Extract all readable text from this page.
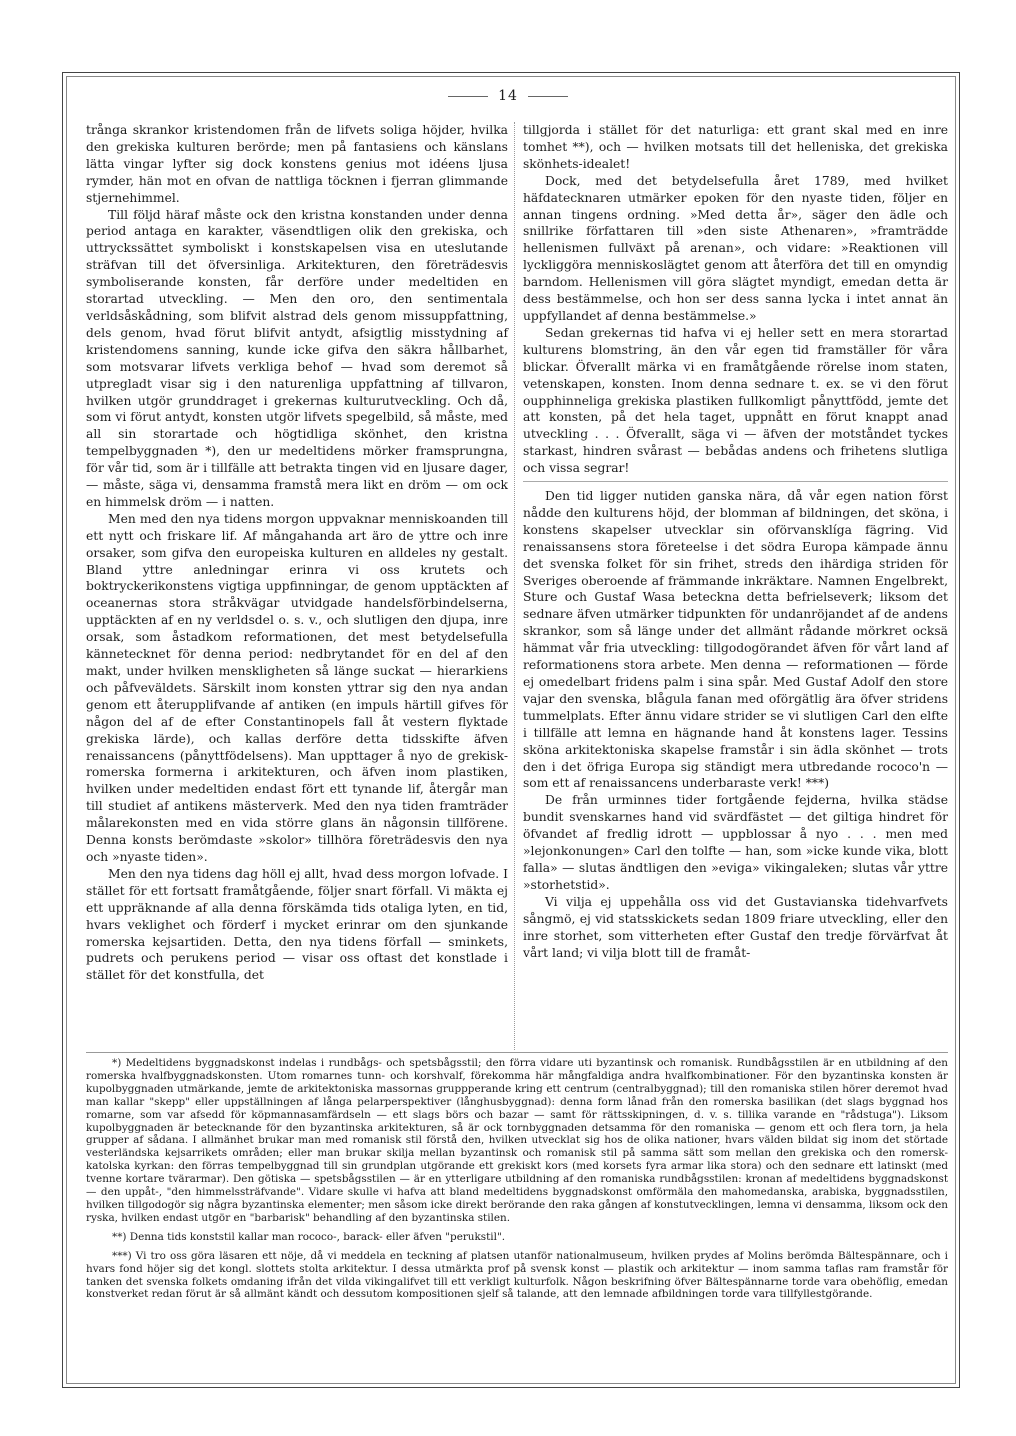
14

trånga skrankor kristendomen från de lifvets soliga höjder, hvilka den grekiska kulturen berörde; men på fantasiens och känslans lätta vingar lyfter sig dock konstens genius mot idéens ljusa rymder, hän mot en ofvan de nattliga töcknen i fjerran glimmande stjernehimmel.

Till följd häraf måste ock den kristna konstanden under denna period antaga en karakter, väsendtligen olik den grekiska, och uttryckssättet symboliskt i konstskapelsen visa en uteslutande sträfvan till det öfversinliga. Arkitekturen, den företrädesvis symboliserande konsten, får derföre under medeltiden en storartad utveckling. — Men den oro, den sentimentala verldsåskådning, som blifvit alstrad dels genom missuppfattning, dels genom, hvad förut blifvit antydt, afsigtlig misstydning af kristendomens sanning, kunde icke gifva den säkra hållbarhet, som motsvarar lifvets verkliga behof — hvad som deremot så utpregladt visar sig i den naturenliga uppfattning af tillvaron, hvilken utgör grunddraget i grekernas kulturutveckling. Och då, som vi förut antydt, konsten utgör lifvets spegelbild, så måste, med all sin storartade och högtidliga skönhet, den kristna tempelbyggnaden *), den ur medeltidens mörker framsprungna, för vår tid, som är i tillfälle att betrakta tingen vid en ljusare dager, — måste, säga vi, densamma framstå mera likt en dröm — om ock en himmelsk dröm — i natten.

Men med den nya tidens morgon uppvaknar menniskoanden till ett nytt och friskare lif. Af mångahanda art äro de yttre och inre orsaker, som gifva den europeiska kulturen en alldeles ny gestalt. Bland yttre anledningar erinra vi oss krutets och boktryckerikonstens vigtiga uppfinningar, de genom upptäckten af oceanernas stora stråkvägar utvidgade handelsförbindelserna, upptäckten af en ny verldsdel o. s. v., och slutligen den djupa, inre orsak, som åstadkom reformationen, det mest betydelsefulla kännetecknet för denna period: nedbrytandet för en del af den makt, under hvilken menskligheten så länge suckat — hierarkiens och påfveväldets. Särskilt inom konsten yttrar sig den nya andan genom ett återupplifvande af antiken (en impuls härtill gifves för någon del af de efter Constantinopels fall åt vestern flyktade grekiska lärde), och kallas derföre detta tidsskifte äfven renaissancens (pånyttfödelsens). Man uppttager å nyo de grekisk-romerska formerna i arkitekturen, och äfven inom plastiken, hvilken under medeltiden endast fört ett tynande lif, återgår man till studiet af antikens mästerverk. Med den nya tiden framträder målarekonsten med en vida större glans än någonsin tillförene. Denna konsts berömdaste »skolor» tillhöra företrädesvis den nya och »nyaste tiden».

Men den nya tidens dag höll ej allt, hvad dess morgon lofvade. I stället för ett fortsatt framåtgående, följer snart förfall. Vi mäkta ej ett uppräknande af alla denna förskämda tids otaliga lyten, en tid, hvars veklighet och förderf i mycket erinrar om den sjunkande romerska kejsartiden. Detta, den nya tidens förfall — sminkets, pudrets och perukens period — visar oss oftast det konstlade i stället för det konstfulla, det

tillgjorda i stället för det naturliga: ett grant skal med en inre tomhet **), och — hvilken motsats till det helleniska, det grekiska skönhets-idealet!

Dock, med det betydelsefulla året 1789, med hvilket häfdatecknaren utmärker epoken för den nyaste tiden, följer en annan tingens ordning. »Med detta år», säger den ädle och snillrike författaren till »den siste Athenaren», »framträdde hellenismen fullväxt på arenan», och vidare: »Reaktionen vill lyckliggöra menniskoslägtet genom att återföra det till en omyndig barndom. Hellenismen vill göra slägtet myndigt, emedan detta är dess bestämmelse, och hon ser dess sanna lycka i intet annat än uppfyllandet af denna bestämmelse.»

Sedan grekernas tid hafva vi ej heller sett en mera storartad kulturens blomstring, än den vår egen tid framställer för våra blickar. Öfverallt märka vi en framåtgående rörelse inom staten, vetenskapen, konsten. Inom denna sednare t. ex. se vi den förut oupphinneliga grekiska plastiken fullkomligt pånyttfödd, jemte det att konsten, på det hela taget, uppnått en förut knappt anad utveckling . . . Öfverallt, säga vi — äfven der motståndet tyckes starkast, hindren svårast — bebådas andens och frihetens slutliga och vissa segrar!

Den tid ligger nutiden ganska nära, då vår egen nation först nådde den kulturens höjd, der blomman af bildningen, det sköna, i konstens skapelser utvecklar sin oförvansklíga fägring. Vid renaissansens stora företeelse i det södra Europa kämpade ännu det svenska folket för sin frihet, streds den ihärdiga striden för Sveriges oberoende af främmande inkräktare. Namnen Engelbrekt, Sture och Gustaf Wasa beteckna detta befrielseverk; liksom det sednare äfven utmärker tidpunkten för undanröjandet af de andens skrankor, som så länge under det allmänt rådande mörkret ocksä hämmat vår fria utveckling: tillgodogörandet äfven för vårt land af reformationens stora arbete. Men denna — reformationen — förde ej omedelbart fridens palm i sina spår. Med Gustaf Adolf den store vajar den svenska, blågula fanan med oförgätlig ära öfver stridens tummelplats. Efter ännu vidare strider se vi slutligen Carl den elfte i tillfälle att lemna en hägnande hand åt konstens lager. Tessins sköna arkitektoniska skapelse framstår i sin ädla skönhet — trots den i det öfriga Europa sig ständigt mera utbredande rococo'n — som ett af renaissancens underbaraste verk! ***)

De från urminnes tider fortgående fejderna, hvilka städse bundit svenskarnes hand vid svärdfästet — det giltiga hindret för öfvandet af fredlig idrott — uppblossar å nyo . . . men med »lejonkonungen» Carl den tolfte — han, som »icke kunde vika, blott falla» — slutas ändtligen den »eviga» vikingaleken; slutas vår yttre »storhetstid».

Vi vilja ej uppehålla oss vid det Gustavianska tidehvarfvets sångmö, ej vid statsskickets sedan 1809 friare utveckling, eller den inre storhet, som vitterheten efter Gustaf den tredje förvärfvat åt vårt land; vi vilja blott till de framåt-

*) Medeltidens byggnadskonst indelas i rundbågs- och spetsbågsstil; den förra vidare uti byzantinsk och romanisk. Rundbågsstilen är en utbildning af den romerska hvalfbyggnadskonsten. Utom romarnes tunn- och korshvalf, förekomma här mångfaldiga andra hvalfkombinationer. För den byzantinska konsten är kupolbyggnaden utmärkande, jemte de arkitektoniska massornas gruppperande kring ett centrum (centralbyggnad); till den romaniska stilen hörer deremot hvad man kallar "skepp" eller uppställningen af långa pelarperspektiver (långhusbyggnad): denna form lånad från den romerska basilikan (det slags byggnad hos romarne, som var afsedd för köpmannasamfärdseln — ett slags börs och bazar — samt för rättsskipningen, d. v. s. tillika varande en "rådstuga"). Liksom kupolbyggnaden är betecknande för den byzantinska arkitekturen, så är ock tornbyggnaden detsamma för den romaniska — genom ett och flera torn, ja hela grupper af sådana. I allmänhet brukar man med romanisk stil förstå den, hvilken utvecklat sig hos de olika nationer, hvars välden bildat sig inom det störtade vesterländska kejsarrikets områden; eller man brukar skilja mellan byzantinsk och romanisk stil på samma sätt som mellan den grekiska och den romersk-katolska kyrkan: den förras tempelbyggnad till sin grundplan utgörande ett grekiskt kors (med korsets fyra armar lika stora) och den sednare ett latinskt (med tvenne kortare tvärarmar). Den götiska — spetsbågsstilen — är en ytterligare utbildning af den romaniska rundbågsstilen: kronan af medeltidens byggnadskonst — den uppåt-, "den himmelssträfvande". Vidare skulle vi hafva att bland medeltidens byggnadskonst omförmäla den mahomedanska, arabiska, byggnadsstilen, hvilken tillgodogör sig några byzantinska elementer; men såsom icke direkt berörande den raka gången af konstutvecklingen, lemna vi densamma, liksom ock den ryska, hvilken endast utgör en "barbarisk" behandling af den byzantinska stilen.

**) Denna tids konststil kallar man rococo-, barack- eller äfven "perukstil".

***) Vi tro oss göra läsaren ett nöje, då vi meddela en teckning af platsen utanför nationalmuseum, hvilken prydes af Molins berömda Bältespännare, och i hvars fond höjer sig det kongl. slottets stolta arkitektur. I dessa utmärkta prof på svensk konst — plastik och arkitektur — inom samma taflas ram framstår för tanken det svenska folkets omdaning ifrån det vilda vikingalifvet till ett verkligt kulturfolk. Någon beskrifning öfver Bältespännarne torde vara obehöflig, emedan konstverket redan förut är så allmänt kändt och dessutom kompositionen sjelf så talande, att den lemnade afbildningen torde vara tillfyllestgörande.
